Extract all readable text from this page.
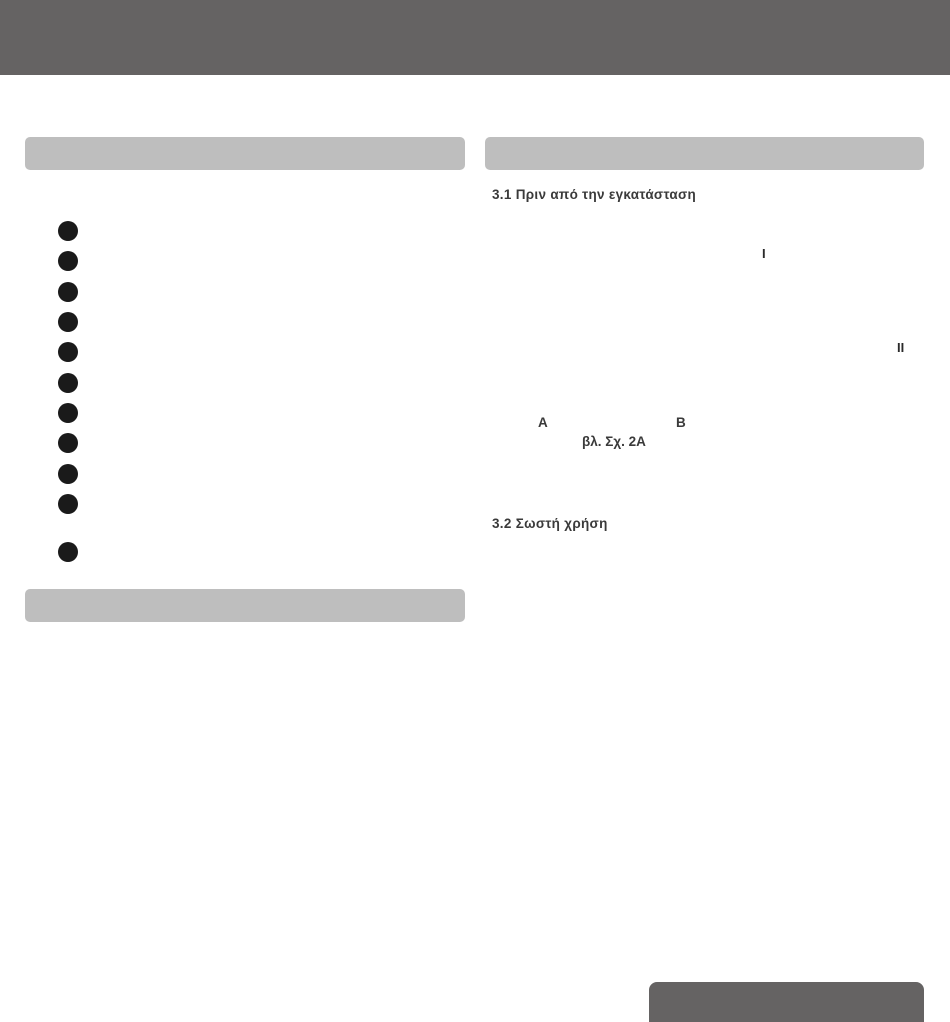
3.1 Πριν από την εγκατάσταση
I
II
A	B
βλ. Σχ. 2A
3.2 Σωστή χρήση
